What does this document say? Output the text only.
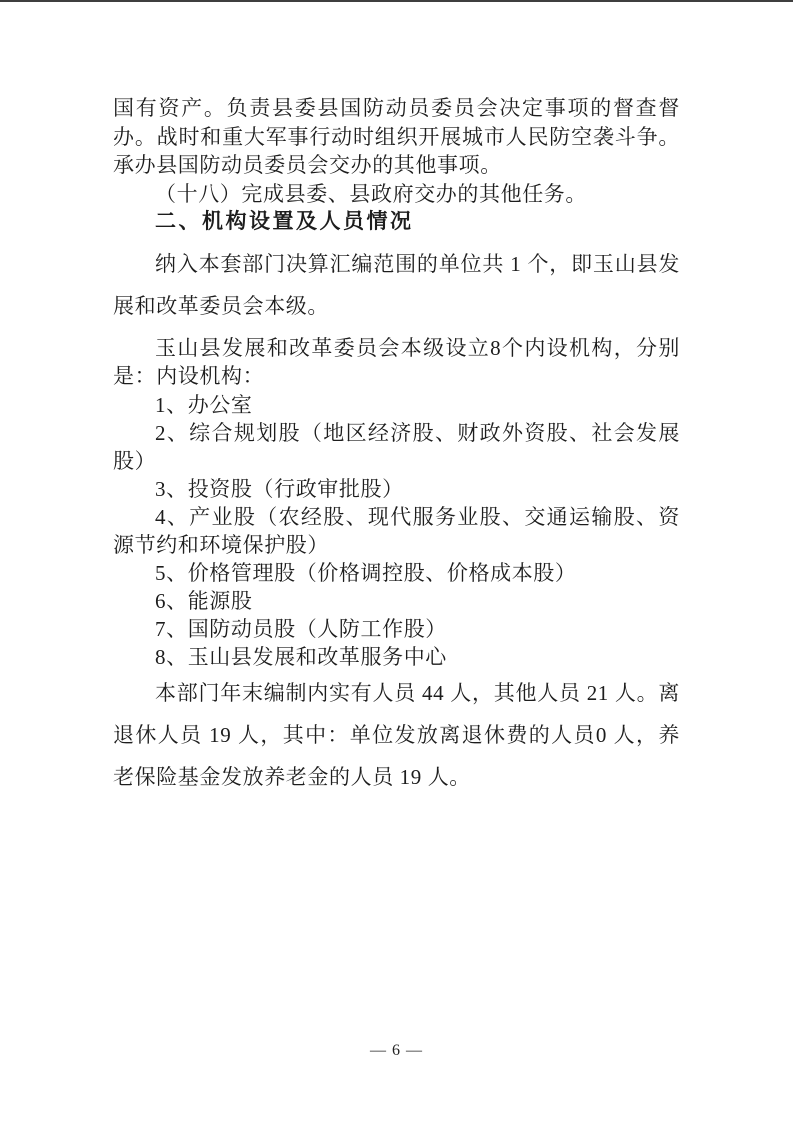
国有资产。负责县委县国防动员委员会决定事项的督查督办。战时和重大军事行动时组织开展城市人民防空袭斗争。承办县国防动员委员会交办的其他事项。

（十八）完成县委、县政府交办的其他任务。

二、机构设置及人员情况

纳入本套部门决算汇编范围的单位共 1 个，即玉山县发展和改革委员会本级。

玉山县发展和改革委员会本级设立8个内设机构，分别是：内设机构：

1、办公室

2、综合规划股（地区经济股、财政外资股、社会发展股）

3、投资股（行政审批股）

4、产业股（农经股、现代服务业股、交通运输股、资源节约和环境保护股）

5、价格管理股（价格调控股、价格成本股）

6、能源股

7、国防动员股（人防工作股）

8、玉山县发展和改革服务中心

本部门年末编制内实有人员 44 人，其他人员 21 人。离退休人员 19 人，其中：单位发放离退休费的人员0 人，养老保险基金发放养老金的人员 19 人。

— 6 —
